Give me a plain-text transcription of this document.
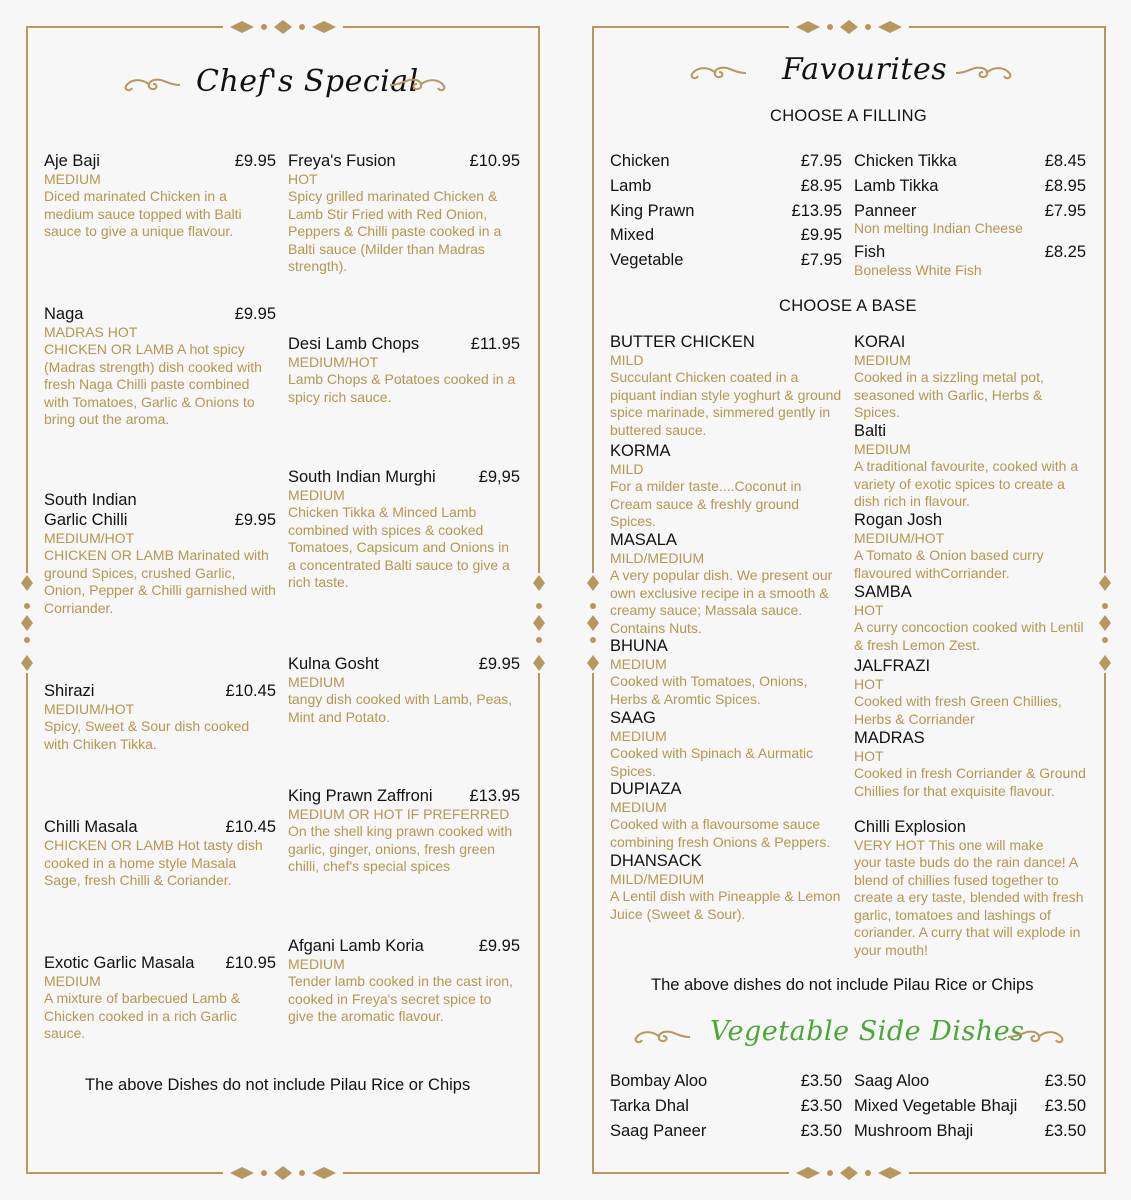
Chef's Special
Aje Baji	£9.95
MEDIUM
Diced marinated Chicken in a medium sauce topped with Balti sauce to give a unique flavour.
Freya's Fusion	£10.95
HOT
Spicy grilled marinated Chicken & Lamb Stir Fried with Red Onion, Peppers & Chilli paste cooked in a Balti sauce (Milder than Madras strength).
Naga	£9.95
MADRAS HOT
CHICKEN OR LAMB A hot spicy (Madras strength) dish cooked with fresh Naga Chilli paste combined with Tomatoes, Garlic & Onions to bring out the aroma.
Desi Lamb Chops	£11.95
MEDIUM/HOT
Lamb Chops & Potatoes cooked in a spicy rich sauce.
South Indian Murghi	£9,95
MEDIUM
Chicken Tikka & Minced Lamb combined with spices & cooked Tomatoes, Capsicum and Onions in a concentrated Balti sauce to give a rich taste.
South Indian
Garlic Chilli	£9.95
MEDIUM/HOT
CHICKEN OR LAMB Marinated with ground Spices, crushed Garlic, Onion, Pepper & Chilli garnished with Corriander.
Kulna Gosht	£9.95
MEDIUM
tangy dish cooked with Lamb, Peas, Mint and Potato.
Shirazi	£10.45
MEDIUM/HOT
Spicy, Sweet & Sour dish cooked with Chiken Tikka.
King Prawn Zaffroni	£13.95
MEDIUM OR HOT IF PREFERRED
On the shell king prawn cooked with garlic, ginger, onions, fresh green chilli, chef's special spices
Chilli Masala	£10.45
CHICKEN OR LAMB Hot tasty dish cooked in a home style Masala Sage, fresh Chilli & Coriander.
Afgani Lamb Koria	£9.95
MEDIUM
Tender lamb cooked in the cast iron, cooked in Freya's secret spice to give the aromatic flavour.
Exotic Garlic Masala	£10.95
MEDIUM
A mixture of barbecued Lamb & Chicken cooked in a rich Garlic sauce.
The above Dishes do not include Pilau Rice or Chips
Favourites
CHOOSE A FILLING
Chicken	£7.95
Lamb	£8.95
King Prawn	£13.95
Mixed	£9.95
Vegetable	£7.95
Chicken Tikka	£8.45
Lamb Tikka	£8.95
Panneer	£7.95
Non melting Indian Cheese
Fish	£8.25
Boneless White Fish
CHOOSE A BASE
BUTTER CHICKEN
MILD
Succulant Chicken coated in a piquant indian style yoghurt & ground spice marinade, simmered gently in buttered sauce.
KORMA
MILD
For a milder taste....Coconut in Cream sauce & freshly ground Spices.
MASALA
MILD/MEDIUM
A very popular dish. We present our own exclusive recipe in a smooth & creamy sauce; Massala sauce. Contains Nuts.
BHUNA
MEDIUM
Cooked with Tomatoes, Onions, Herbs & Aromtic Spices.
SAAG
MEDIUM
Cooked with Spinach & Aurmatic Spices.
DUPIAZA
MEDIUM
Cooked with a flavoursome sauce combining fresh Onions & Peppers.
DHANSACK
MILD/MEDIUM
A Lentil dish with Pineapple & Lemon Juice (Sweet & Sour).
KORAI
MEDIUM
Cooked in a sizzling metal pot, seasoned with Garlic, Herbs & Spices.
Balti
MEDIUM
A traditional favourite, cooked with a variety of exotic spices to create a dish rich in flavour.
Rogan Josh
MEDIUM/HOT
A Tomato & Onion based curry flavoured withCorriander.
SAMBA
HOT
A curry concoction cooked with Lentil & fresh Lemon Zest.
JALFRAZI
HOT
Cooked with fresh Green Chillies, Herbs & Corriander
MADRAS
HOT
Cooked in fresh Corriander & Ground Chillies for that exquisite flavour.
Chilli Explosion
VERY HOT This one will make
your taste buds do the rain dance! A blend of chillies fused together to create a ery taste, blended with fresh garlic, tomatoes and lashings of coriander. A curry that will explode in your mouth!
The above dishes do not include Pilau Rice or Chips
Vegetable Side Dishes
Bombay Aloo	£3.50
Tarka Dhal	£3.50
Saag Paneer	£3.50
Saag Aloo	£3.50
Mixed Vegetable Bhaji £3.50
Mushroom Bhaji	£3.50
